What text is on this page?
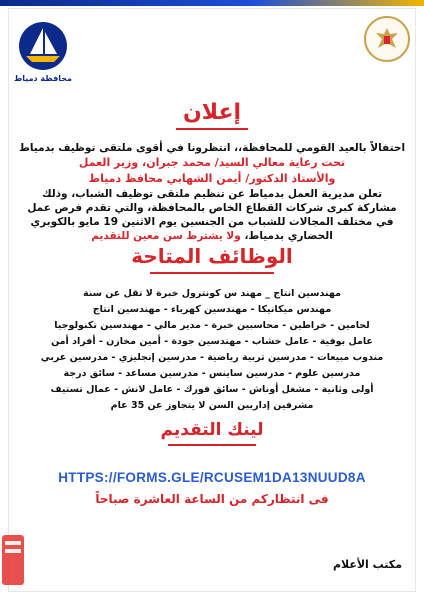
محافظة دمياط
إعلان
احتفالاً بالعيد القومي للمحافظة،، انتظرونا في أقوى ملتقى توظيف بدمياط
تحت رعاية معالي السيد/ محمد جبران، وزير العمل
والأستاذ الدكتور/ أيمن الشهابي محافظ دمياط
تعلن مديرية العمل بدمياط عن تنظيم ملتقى توظيف الشباب، وذلك
مشاركة كبرى شركات القطاع الخاص بالمحافظة، والتي تقدم فرص عمل
في مختلف المجالات للشباب من الجنسين يوم الاثنين 19 مايو بالكوبري
الحضاري بدمياط، ولا يشترط سن معين للتقديم
الوظائف المتاحة
مهندسين انتاج _ مهند س كونترول خبرة لا تقل عن سنة
مهندس ميكانيكا - مهندسين كهرباء - مهندسين انتاج
لحامين - خراطين - محاسبين خبرة - مدير مالي - مهندسين تكنولوجيا
عامل بوفية - عامل خشاب - مهندسين جودة - أمين مخازن - أفراد أمن
مندوب مبيعات - مدرسين تربية رياضية - مدرسين إنجليزي - مدرسين عربي
مدرسين علوم - مدرسين ساينس - مدرسين مساعد - سائق درجة
أولى وثانية - مشغل أوناش - سائق فورك - عامل لانش - عمال تستيف
مشرفين إداريين السن لا يتجاوز عن 35 عام
لينك التقديم
HTTPS://FORMS.GLE/RCUSEM1DA13NUUD8A
فى انتظاركم من الساعة العاشرة صباحاً
مكتب الأعلام
